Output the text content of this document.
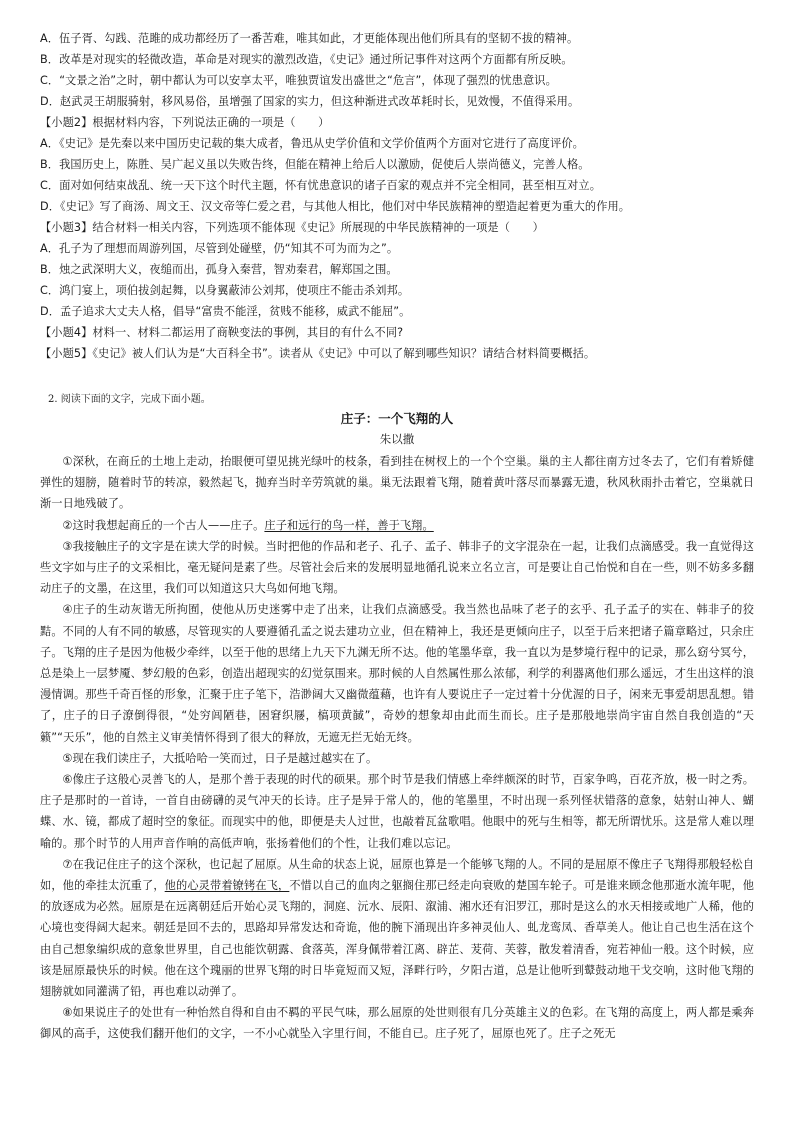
A．伍子胥、勾践、范雎的成功都经历了一番苦难，唯其如此，才更能体现出他们所具有的坚韧不拔的精神。
B．改革是对现实的轻微改造，革命是对现实的激烈改造，《史记》通过所记事件对这两个方面都有所反映。
C．“文景之治”之时，朝中都认为可以安享太平，唯独贾谊发出盛世之“危言”，体现了强烈的忧患意识。
D．赵武灵王胡服骑射，移风易俗，虽增强了国家的实力，但这种渐进式改革耗时长，见效慢，不值得采用。
【小题2】根据材料内容，下列说法正确的一项是（　　）
A．《史记》是先秦以来中国历史记载的集大成者，鲁迅从史学价值和文学价值两个方面对它进行了高度评价。
B．我国历史上，陈胜、吴广起义虽以失败告终，但能在精神上给后人以激励，促使后人崇尚德义，完善人格。
C．面对如何结束战乱、统一天下这个时代主题，怀有忧患意识的诸子百家的观点并不完全相同，甚至相互对立。
D．《史记》写了商汤、周文王、汉文帝等仁爱之君，与其他人相比，他们对中华民族精神的塑造起着更为重大的作用。
【小题3】结合材料一相关内容，下列选项不能体现《史记》所展现的中华民族精神的一项是（　　）
A．孔子为了理想而周游列国，尽管到处碰壁，仍“知其不可为而为之”。
B．烛之武深明大义，夜缒而出，孤身入秦营，智劝秦君，解郑国之围。
C．鸿门宴上，项伯拔剑起舞，以身翼蔽沛公刘邦，使项庄不能击杀刘邦。
D．孟子追求大丈夫人格，倡导“富贵不能淫，贫贱不能移，威武不能屈”。
【小题4】材料一、材料二都运用了商鞅变法的事例，其目的有什么不同?
【小题5】《史记》被人们认为是“大百科全书”。读者从《史记》中可以了解到哪些知识？请结合材料简要概括。
2. 阅读下面的文字，完成下面小题。
庄子：一个飞翔的人
朱以撒

①深秋，在商丘的土地上走动，抬眼便可望见挑光绿叶的枝条，看到挂在树杈上的一个个空巢。巢的主人都往南方过冬去了，它们有着矫健弹性的翅膀，随着时节的转凉，毅然起飞，抛弃当时辛劳筑就的巢。巢无法跟着飞翔，随着黄叶落尽而暴露无遗，秋风秋雨扑击着它，空巢就日渐一日地残破了。

②这时我想起商丘的一个古人——庄子。庄子和远行的鸟一样，善于飞翔。

③我接触庄子的文字是在读大学的时候。当时把他的作品和老子、孔子、孟子、韩非子的文字混杂在一起，让我们点滴感受。我一直觉得这些文字如与庄子的文采相比，毫无疑问是素了些。尽管社会后来的发展明显地循孔说来立名立言，可是要让自己怡悦和自在一些，则不妨多多翻动庄子的文墨，在这里，我们可以知道这只大鸟如何地飞翔。

④庄子的生动灰谐无所拘囿，使他从历史迷雾中走了出来，让我们点滴感受。我当然也品味了老子的玄乎、孔子孟子的实在、韩非子的狡黠。不同的人有不同的敏感，尽管现实的人要遵循孔孟之说去建功立业，但在精神上，我还是更倾向庄子，以至于后来把诸子篇章略过，只余庄子。飞翔的庄子是因为他极少牵绊，以至于他的思绪上九天下九渊无所不达。他的笔墨华章，我一直以为是梦境行程中的记录，那么窈兮冥兮，总是染上一层梦魇、梦幻般的色彩，创造出超现实的幻觉氛围来。那时候的人自然属性那么浓郁，利学的利器离他们那么遥远，才生出这样的浪漫情调。那些千奇百怪的形象，汇聚于庄子笔下，浩渺阔大又幽微蕴藉，也许有人要说庄子一定过着十分优渥的日子，闲来无事爱胡思乱想。错了，庄子的日子潦倒得很，“处穷闾陋巷，困窘织屦，槁项黄馘”，奇妙的想象却由此而生而长。庄子是那般地崇尚宇宙自然自我创造的“天籁”“天乐”，他的自然主义审美情怀得到了很大的释放，无遮无拦无始无终。

⑤现在我们读庄子，大抵哈哈一笑而过，日子是越过越实在了。

⑥像庄子这般心灵善飞的人，是那个善于表现的时代的硕果。那个时节是我们情感上牵绊颇深的时节，百家争鸣，百花齐放，极一时之秀。庄子是那时的一首诗，一首自由磅礴的灵气冲天的长诗。庄子是异于常人的，他的笔墨里，不时出现一系列怪状错落的意象，姑射山神人、蝴蝶、水、镜，都成了超时空的象征。而现实中的他，即便是夫人过世，也敲着瓦盆歌唱。他眼中的死与生相等，都无所谓忧乐。这是常人难以理喻的。那个时节的人用声音作响的高低声响，张扬着他们的个性，让我们难以忘记。

⑦在我记住庄子的这个深秋，也记起了屈原。从生命的状态上说，屈原也算是一个能够飞翔的人。不同的是屈原不像庄子飞翔得那般轻松自如，他的牵挂太沉重了，他的心灵带着镣铐在飞，不惜以自己的血肉之躯搁住那已经走向衰败的楚国车轮子。可是谁来顾念他那逝水流年呢，他的放逐成为必然。屈原是在远离朝廷后开始心灵飞翔的，洞庭、沅水、辰阳、溆浦、湘水还有汨罗江，那时是这么的水天相接或地广人稀，他的心境也变得阔大起来。朝廷是回不去的，思路却异常发达和奇诡，他的腕下涌现出许多神灵仙人、虬龙鸾凤、香草美人。他让自己也生活在这个由自己想象编织成的意象世界里，自己也能饮朝露、食落英，浑身佩带着江离、辟芷、茇荷、芙蓉，散发着清香，宛若神仙一般。这个时候，应该是屈原最快乐的时候。他在这个瑰丽的世界飞翔的时日毕竟短而又短，泽畔行吟，夕阳古道，总是让他听到鼙鼓动地干戈交响，这时他飞翔的翅膀就如同灌满了铅，再也难以动弹了。

⑧如果说庄子的处世有一种怡然自得和自由不羁的平民气味，那么屈原的处世则很有几分英雄主义的色彩。在飞翔的高度上，两人都是乘奔御风的高手，这使我们翻开他们的文字，一不小心就坠入字里行间，不能自已。庄子死了，屈原也死了。庄子之死无
